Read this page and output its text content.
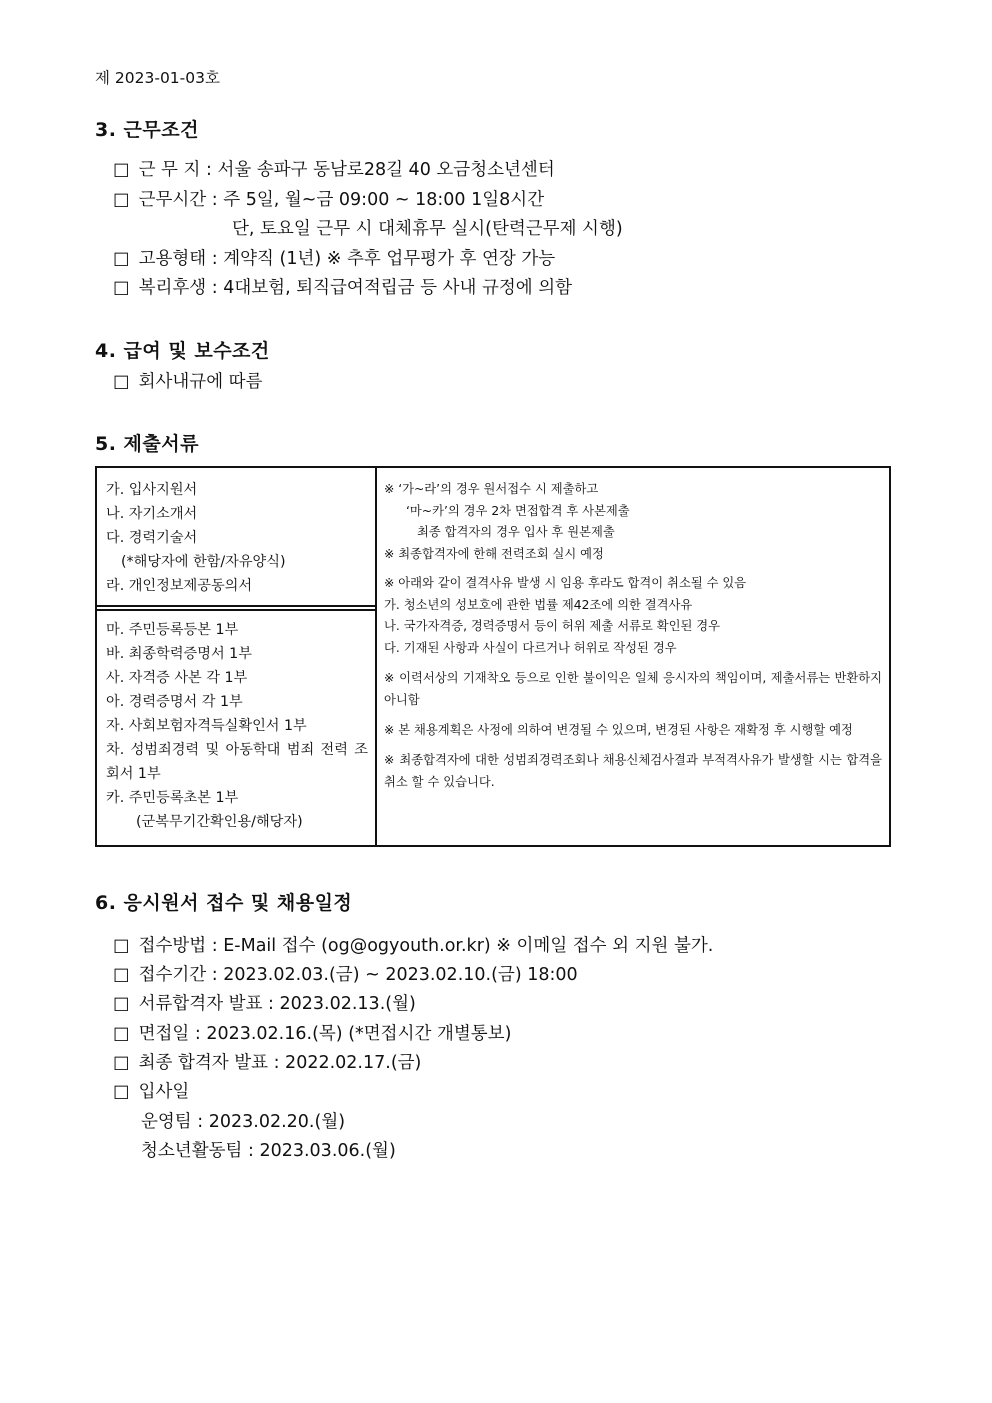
제 2023-01-03호
3. 근무조건
□ 근 무 지 : 서울 송파구 동남로28길 40 오금청소년센터
□ 근무시간 : 주 5일, 월~금 09:00 ~ 18:00 1일8시간
단, 토요일 근무 시 대체휴무 실시(탄력근무제 시행)
□ 고용형태 : 계약직 (1년) ※ 추후 업무평가 후 연장 가능
□ 복리후생 : 4대보험, 퇴직급여적립금 등 사내 규정에 의함
4. 급여 및 보수조건
□ 회사내규에 따름
5. 제출서류
가. 입사지원서
나. 자기소개서
다. 경력기술서
(*해당자에 한함/자유양식)
라. 개인정보제공동의서
마. 주민등록등본 1부
바. 최종학력증명서 1부
사. 자격증 사본 각 1부
아. 경력증명서 각 1부
자. 사회보험자격득실확인서 1부
차. 성범죄경력 및 아동학대 범죄 전력 조회서 1부
카. 주민등록초본 1부
(군복무기간확인용/해당자)
※ ‘가~라’의 경우 원서접수 시 제출하고
‘마~카’의 경우 2차 면접합격 후 사본제출
최종 합격자의 경우 입사 후 원본제출
※ 최종합격자에 한해 전력조회 실시 예정
※ 아래와 같이 결격사유 발생 시 임용 후라도 합격이 취소될 수 있음
가. 청소년의 성보호에 관한 법률 제42조에 의한 결격사유
나. 국가자격증, 경력증명서 등이 허위 제출 서류로 확인된 경우
다. 기재된 사항과 사실이 다르거나 허위로 작성된 경우
※ 이력서상의 기재착오 등으로 인한 불이익은 일체 응시자의 책임이며, 제출서류는 반환하지 아니함
※ 본 채용계획은 사정에 의하여 변경될 수 있으며, 변경된 사항은 재확정 후 시행할 예정
※ 최종합격자에 대한 성범죄경력조회나 채용신체검사결과 부적격사유가 발생할 시는 합격을 취소 할 수 있습니다.
6. 응시원서 접수 및 채용일정
□ 접수방법 : E-Mail 접수 (og@ogyouth.or.kr) ※ 이메일 접수 외 지원 불가.
□ 접수기간 : 2023.02.03.(금) ~ 2023.02.10.(금) 18:00
□ 서류합격자 발표 : 2023.02.13.(월)
□ 면접일 : 2023.02.16.(목) (*면접시간 개별통보)
□ 최종 합격자 발표 : 2022.02.17.(금)
□ 입사일
운영팀 : 2023.02.20.(월)
청소년활동팀 : 2023.03.06.(월)
